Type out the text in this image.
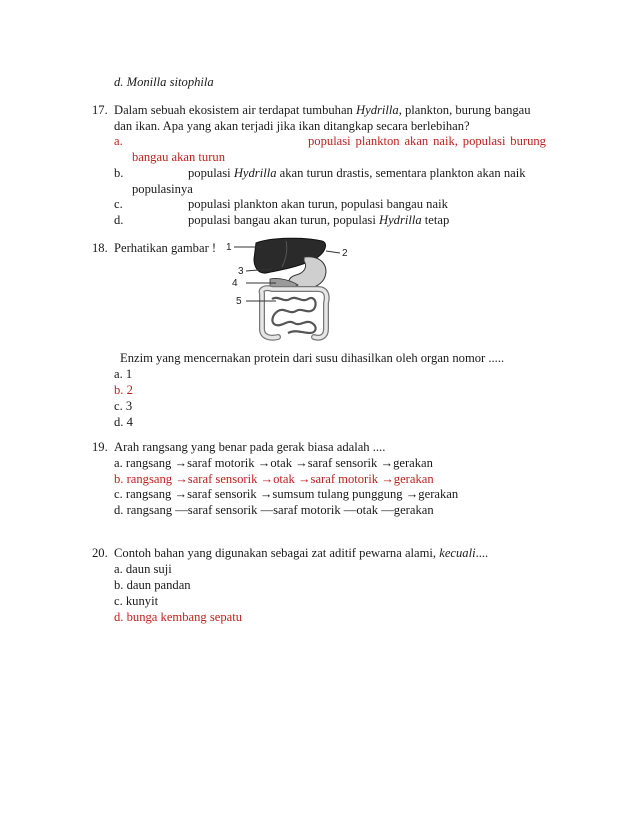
d. Monilla sitophila
17. Dalam sebuah ekosistem air terdapat tumbuhan Hydrilla, plankton, burung bangau
dan ikan. Apa yang akan terjadi jika ikan ditangkap secara berlebihan?
a.	populasi plankton akan naik, populasi burung
bangau akan turun
b.	populasi Hydrilla akan turun drastis, sementara plankton akan naik
populasinya
c.	populasi plankton akan turun, populasi bangau naik
d.	populasi bangau akan turun, populasi Hydrilla tetap
18. Perhatikan gambar ! 1
2
3
4
5
Enzim yang mencernakan protein dari susu dihasilkan oleh organ nomor .....
a. 1
b. 2
c. 3
d. 4
19. Arah rangsang yang benar pada gerak biasa adalah ....
a. rangsang →saraf motorik →otak →saraf sensorik →gerakan
b. rangsang →saraf sensorik →otak →saraf motorik →gerakan
c. rangsang →saraf sensorik →sumsum tulang punggung →gerakan
d. rangsang ―saraf sensorik ―saraf motorik ―otak ―gerakan
20. Contoh bahan yang digunakan sebagai zat aditif pewarna alami, kecuali....
a. daun suji
b. daun pandan
c. kunyit
d. bunga kembang sepatu
